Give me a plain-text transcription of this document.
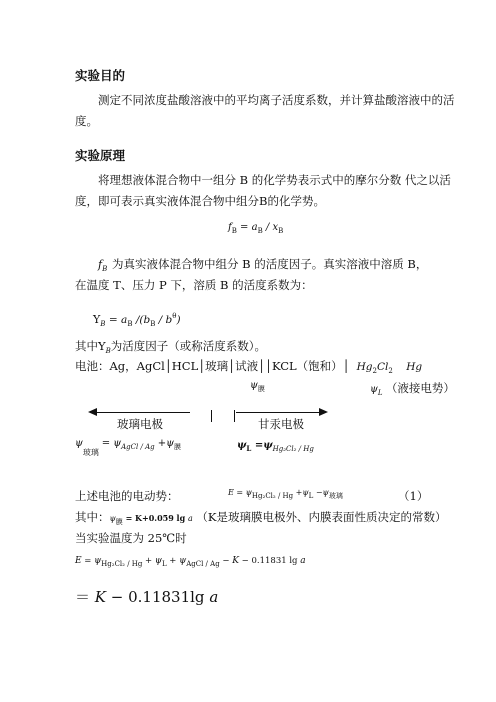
实验目的
测定不同浓度盐酸溶液中的平均离子活度系数，并计算盐酸溶液中的活度。
实验原理
将理想液体混合物中一组分 B 的化学势表示式中的摩尔分数 代之以活度，即可表示真实液体混合物中组分B的化学势。
$f_B = a_B / x_B$
$f_B$ 为真实液体混合物中组分 B 的活度因子。真实溶液中溶质 B，
在温度 T、压力 P 下，溶质 B 的活度系数为：
$Y_B = a_B$ $/(b_B / b^\theta)$
其中$Y_B$为活度因子（或称活度系数）。
电池：Ag，AgCl│HCL│玻璃│试液││KCL（饱和）│ $Hg_2Cl_2$ Hg
$\psi_膜$	$\psi_L$ （液接电势）
玻璃电极	甘汞电极
ψ玻璃 = $\psi_{AgCl / Ag} +\psi_膜$	$\psi_L =\psi_{Hg_2Cl_2 / Hg}$
上述电池的电动势：	E = ψHg₂Cl₂ / Hg +ψL −ψ玻璃	（1）
其中：ψ膜 = K+0.059 lg a （K是玻璃膜电极外、内膜表面性质决定的常数）
当实验温度为 25℃时
$E = \psi_{Hg_2Cl_2 / Hg} + \psi_L + \psi_{AgCl / Ag} - K - 0.11831$ lg a
＝ K − 0.11831lg a
